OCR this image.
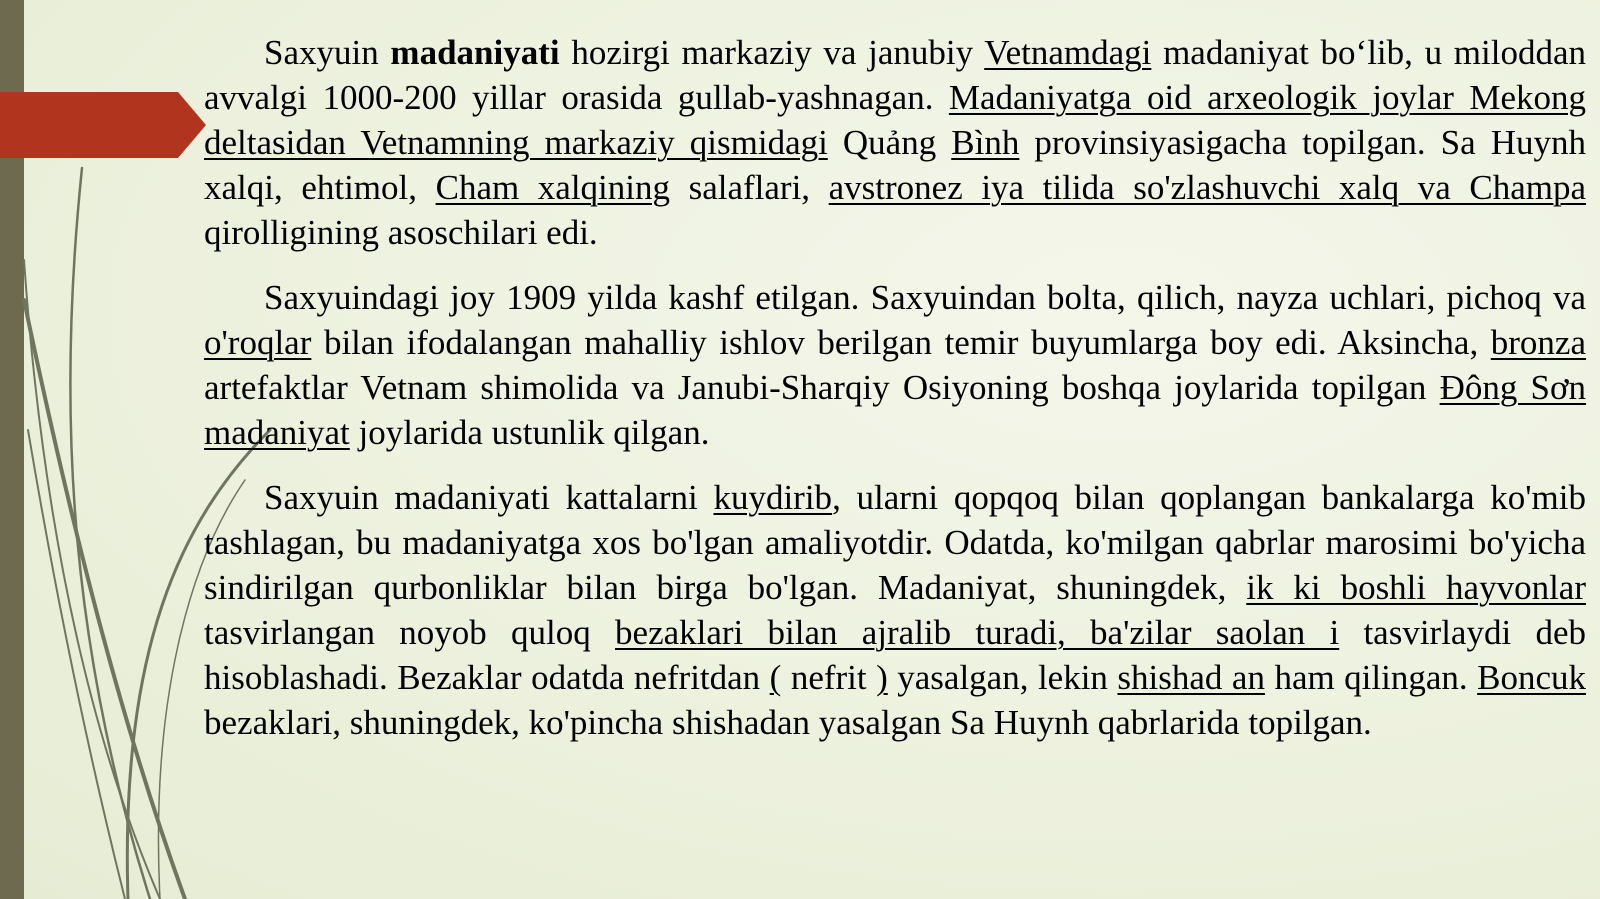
Saxyuin madaniyati hozirgi markaziy va janubiy Vetnamdagi madaniyat bo‘lib, u miloddan avvalgi 1000-200 yillar orasida gullab-yashnagan. Madaniyatga oid arxeologik joylar Mekong deltasidan Vetnamning markaziy qismidagi Quảng Bình provinsiyasigacha topilgan. Sa Huynh xalqi, ehtimol, Cham xalqining salaflari, avstronez iya tilida so'zlashuvchi xalq va Champa qirolligining asoschilari edi.

Saxyuindagi joy 1909 yilda kashf etilgan. Saxyuindan bolta, qilich, nayza uchlari, pichoq va o'roqlar bilan ifodalangan mahalliy ishlov berilgan temir buyumlarga boy edi. Aksincha, bronza artefaktlar Vetnam shimolida va Janubi-Sharqiy Osiyoning boshqa joylarida topilgan Đông Sơn madaniyat joylarida ustunlik qilgan.

Saxyuin madaniyati kattalarni kuydirib, ularni qopqoq bilan qoplangan bankalarga ko'mib tashlagan, bu madaniyatga xos bo'lgan amaliyotdir. Odatda, ko'milgan qabrlar marosimi bo'yicha sindirilgan qurbonliklar bilan birga bo'lgan. Madaniyat, shuningdek, ik ki boshli hayvonlar tasvirlangan noyob quloq bezaklari bilan ajralib turadi, ba'zilar saolan i tasvirlaydi deb hisoblashadi. Bezaklar odatda nefritdan ( nefrit ) yasalgan, lekin shishad an ham qilingan. Boncuk bezaklari, shuningdek, ko'pincha shishadan yasalgan Sa Huynh qabrlarida topilgan.
